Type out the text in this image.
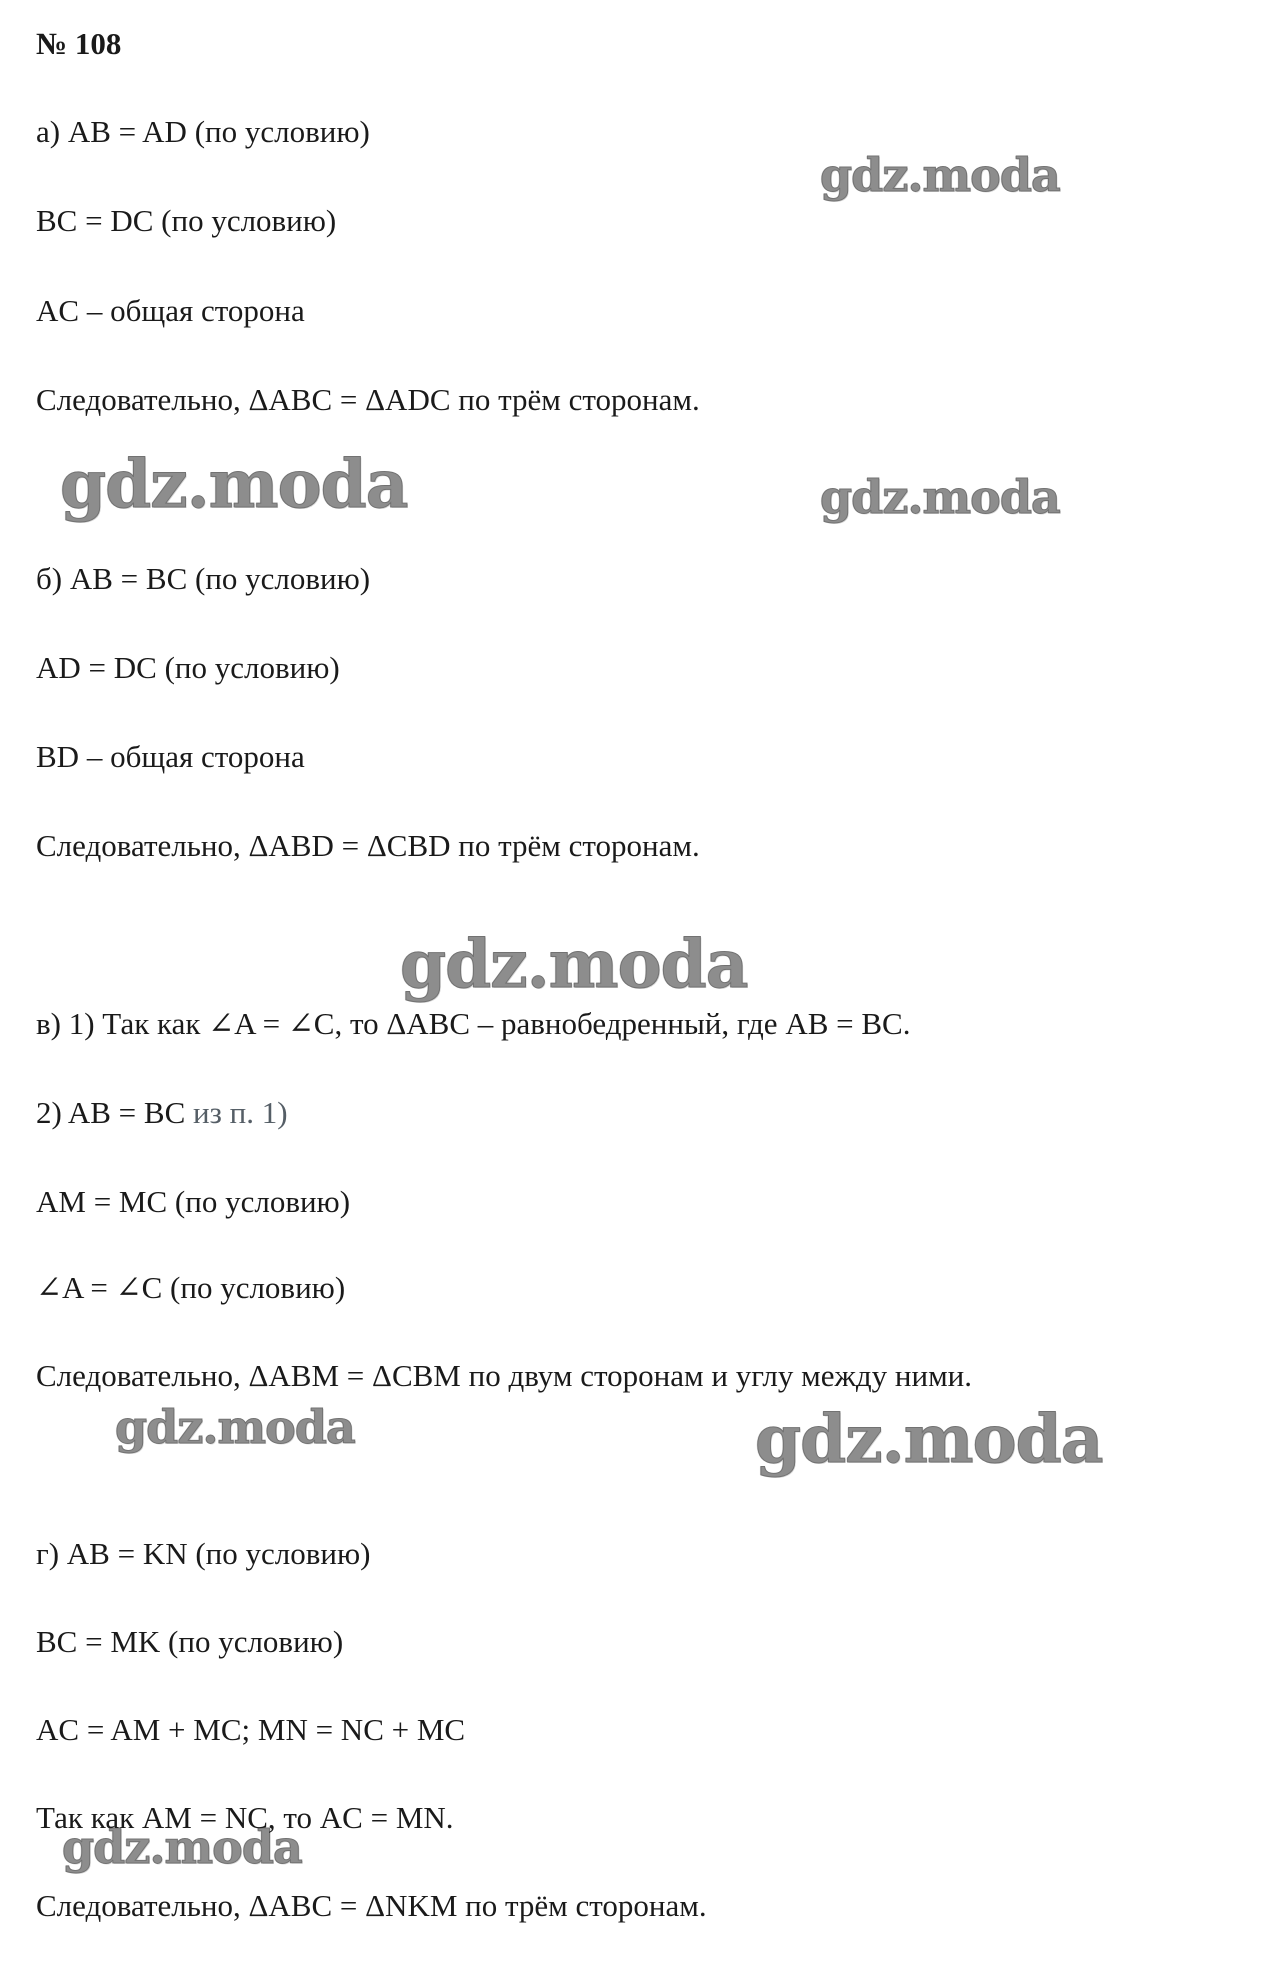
gdz.moda
gdz.moda	gdz.moda
gdz.moda
gdz.moda	gdz.moda
gdz.moda
№ 108
а) AB = AD (по условию)
BC = DC (по условию)
AC – общая сторона
Следовательно, ΔABC = ΔADC по трём сторонам.
б) AB = BC (по условию)
AD = DC (по условию)
BD – общая сторона
Следовательно, ΔABD = ΔCBD по трём сторонам.
в) 1) Так как ∠A = ∠C, то ΔABC – равнобедренный, где AB = BC.
2) AB = BC из п. 1)
AM = MC (по условию)
∠A = ∠C (по условию)
Следовательно, ΔABM = ΔCBM по двум сторонам и углу между ними.
г) AB = KN (по условию)
BC = MK (по условию)
AC = AM + MC; MN = NC + MC
Так как AM = NC, то AC = MN.
Следовательно, ΔABC = ΔNKM по трём сторонам.
